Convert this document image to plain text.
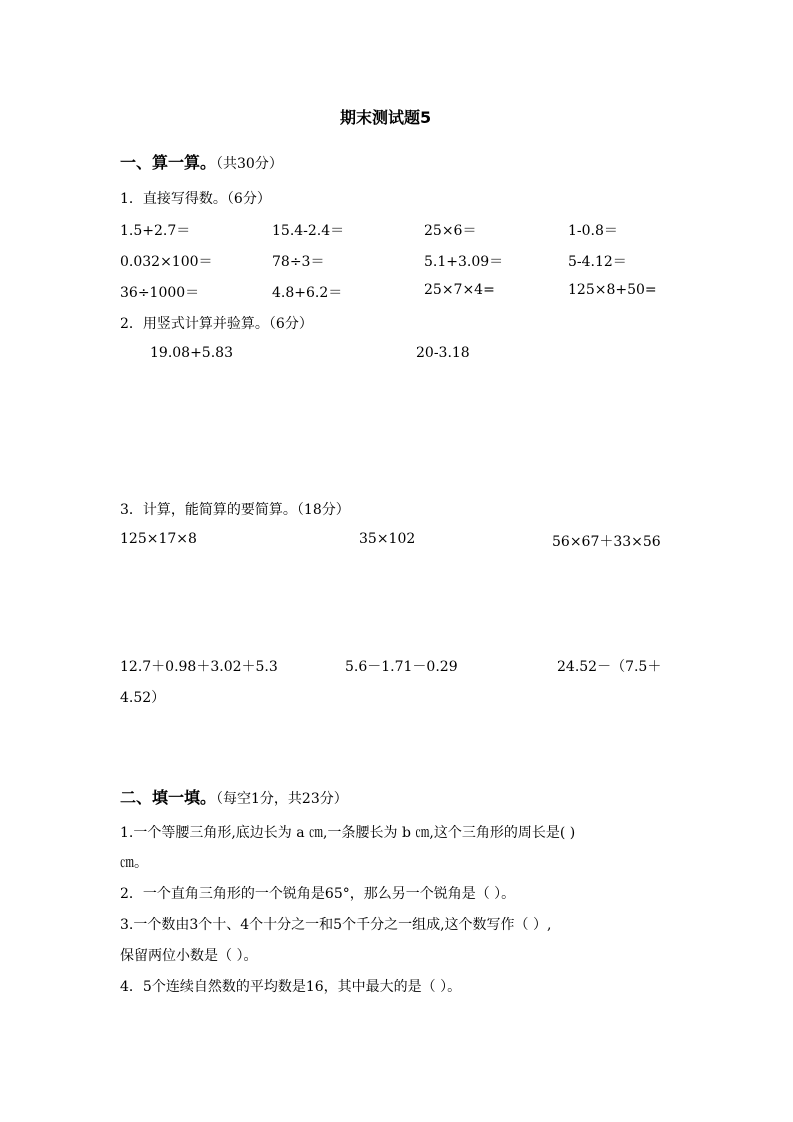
期末测试题5
一、算一算。（共30分）
1．直接写得数。（6分）
1.5+2.7＝	15.4-2.4＝	25×6＝	1-0.8＝
0.032×100＝	78÷3＝	5.1+3.09＝	5-4.12＝
36÷1000＝	4.8+6.2＝	25×7×4=	125×8+50=
2．用竖式计算并验算。（6分）
19.08+5.83	20-3.18
3．计算，能简算的要简算。（18分）
125×17×8	35×102	56×67＋33×56
12.7＋0.98＋3.02＋5.3	5.6－1.71－0.29	24.52－（7.5＋
4.52）
二、填一填。（每空1分，共23分）
1.一个等腰三角形,底边长为 a ㎝,一条腰长为 b ㎝,这个三角形的周长是( )
㎝。
2．一个直角三角形的一个锐角是65°，那么另一个锐角是（ ）。
3.一个数由3个十、4个十分之一和5个千分之一组成,这个数写作（ ）,
保留两位小数是（ ）。
4．5个连续自然数的平均数是16，其中最大的是（ ）。
